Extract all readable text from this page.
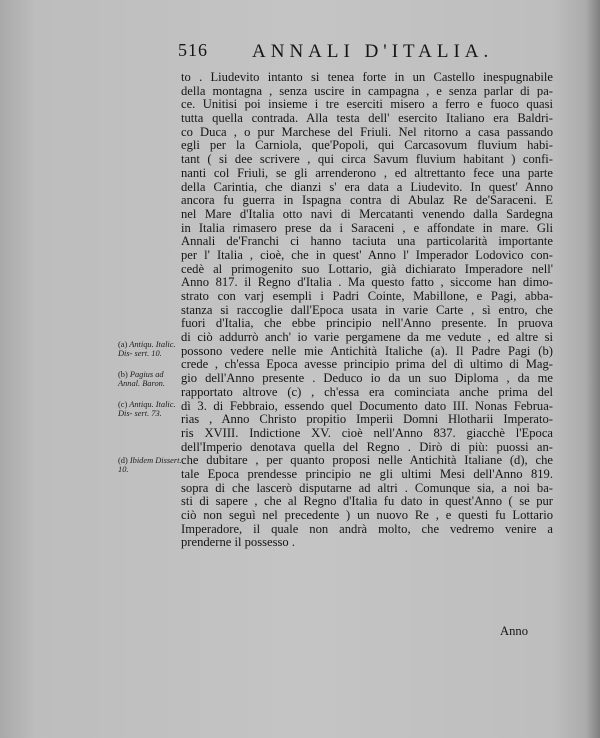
516 ANNALI D'ITALIA.
to . Liudevito intanto si tenea forte in un Castello inespugnabile
della montagna , senza uscire in campagna , e senza parlar di pa-
ce. Unitisi poi insieme i tre eserciti misero a ferro e fuoco quasi
tutta quella contrada. Alla testa dell' esercito Italiano era Baldri-
co Duca , o pur Marchese del Friuli. Nel ritorno a casa passando
egli per la Carniola, que'Popoli, qui Carcasovum fluvium habi-
tant ( si dee scrivere , qui circa Savum fluvium habitant ) confi-
nanti col Friuli, se gli arrenderono , ed altrettanto fece una parte
della Carintia, che dianzi s' era data a Liudevito. In quest' Anno
ancora fu guerra in Ispagna contra di Abulaz Re de'Saraceni. E
nel Mare d'Italia otto navi di Mercatanti venendo dalla Sardegna
in Italia rimasero prese da i Saraceni , e affondate in mare. Gli
Annali de'Franchi ci hanno taciuta una particolarità importante
per l' Italia , cioè, che in quest' Anno l' Imperador Lodovico con-
cedè al primogenito suo Lottario, già dichiarato Imperadore nell'
Anno 817. il Regno d'Italia . Ma questo fatto , siccome han dimo-
strato con varj esempli i Padri Cointe, Mabillone, e Pagi, abba-
stanza si raccoglie dall'Epoca usata in varie Carte , sì entro, che
fuori d'Italia, che ebbe principio nell'Anno presente. In pruova
di ciò addurrò anch' io varie pergamene da me vedute , ed altre si
possono vedere nelle mie Antichità Italiche (a). Il Padre Pagi (b)
crede , ch'essa Epoca avesse principio prima del dì ultimo di Mag-
gio dell'Anno presente . Deduco io da un suo Diploma , da me
rapportato altrove (c) , ch'essa era cominciata anche prima del
dì 3. di Febbraio, essendo quel Documento dato III. Nonas Februa-
rias , Anno Christo propitio Imperii Domni Hlotharii Imperato-
ris XVIII. Indictione XV. cioè nell'Anno 837. giacchè l'Epoca
dell'Imperio denotava quella del Regno . Dirò di più: puossi an-
che dubitare , per quanto proposi nelle Antichità Italiane (d), che
tale Epoca prendesse principio ne gli ultimi Mesi dell'Anno 819.
sopra di che lascerò disputarne ad altri . Comunque sia, a noi ba-
sti di sapere , che al Regno d'Italia fu dato in quest'Anno ( se pur
ciò non seguì nel precedente ) un nuovo Re , e questi fu Lottario
Imperadore, il quale non andrà molto, che vedremo venire a
prenderne il possesso .
(a) Antiqu. Italic. Dis- sert. 10.
(b) Pagius ad Annal. Baron.
(c) Antiqu. Italic. Dis- sert. 73.
(d) Ibidem Dissert. 10.
Anno
